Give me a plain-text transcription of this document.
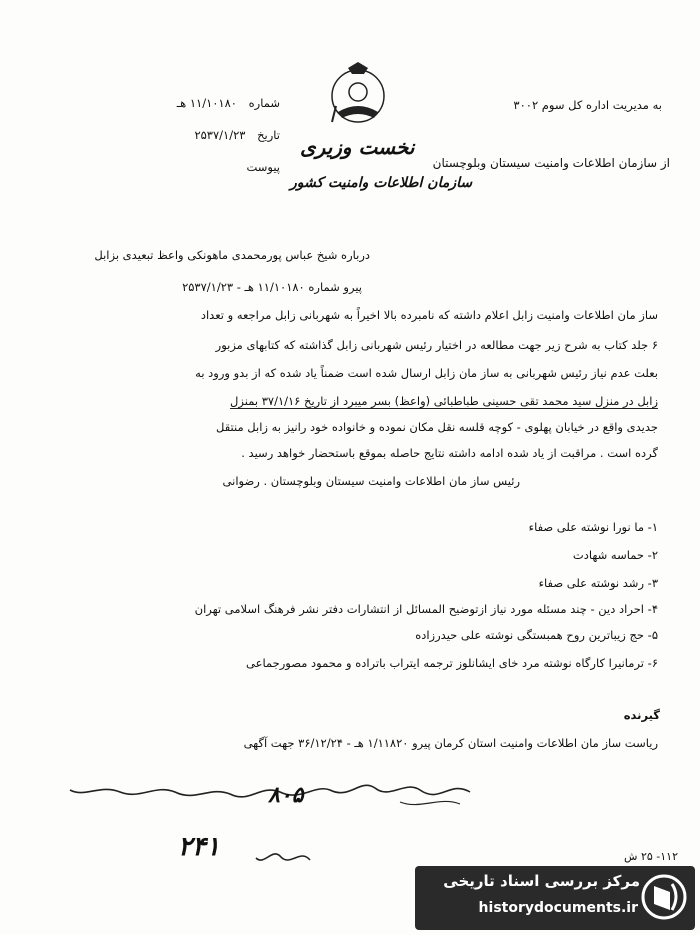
به مدیریت اداره کل سوم ۳۰۰۲
از سازمان اطلاعات وامنیت سیستان وبلوچستان
نخست وزیری
سازمان اطلاعات وامنیت کشور
شماره ۱۱/۱۰۱۸۰ هـ
تاریخ ۲۵۳۷/۱/۲۳
پیوست
درباره شیخ عباس پورمحمدی ماهونکی واعظ تبعیدی بزابل
پیرو شماره ۱۱/۱۰۱۸۰ هـ - ۲۵۳۷/۱/۲۳
ساز مان اطلاعات وامنیت زابل اعلام داشته که نامبرده بالا اخیراً به شهربانی زابل مراجعه و تعداد
۶ جلد کتاب به شرح زیر جهت مطالعه در اختیار رئیس شهربانی زابل گذاشته که کتابهای مزبور
بعلت عدم نیاز رئیس شهربانی به ساز مان زابل ارسال شده است ضمناً یاد شده که از بدو ورود به
زابل در منزل سید محمد تقی حسینی طباطبائی (واعظ) بسر میبرد از تاریخ ۳۷/۱/۱۶ بمنزل
جدیدی واقع در خیابان پهلوی - کوچه قلسه نقل مکان نموده و خانواده خود رانیز به زابل منتقل
گرده است . مراقبت از یاد شده ادامه داشته نتایج حاصله بموقع باستحضار خواهد رسید .
رئیس ساز مان اطلاعات وامنیت سیستان وبلوچستان . رضوانی
۱- ما نورا نوشته علی صفاء
۲- حماسه شهادت
۳- رشد نوشته علی صفاء
۴- احراد دین - چند مسئله مورد نیاز ازتوضیح المسائل از انتشارات دفتر نشر فرهنگ اسلامی تهران
۵- حج زیباترین روح همبستگی نوشته علی حیدرزاده
۶- ترمانیرا کارگاه نوشته مرد خای ایشانلوز ترجمه ایتراب باتراده و محمود مصورجماعی
گیرنده
ریاست ساز مان اطلاعات وامنیت استان کرمان پیرو ۱/۱۱۸۲۰ هـ - ۳۶/۱۲/۲۴ جهت آگهی
۸۰۵
۲۴۱	۱۱۲- ۲۵ ش
مرکز بررسی اسناد تاریخی
historydocuments.ir
